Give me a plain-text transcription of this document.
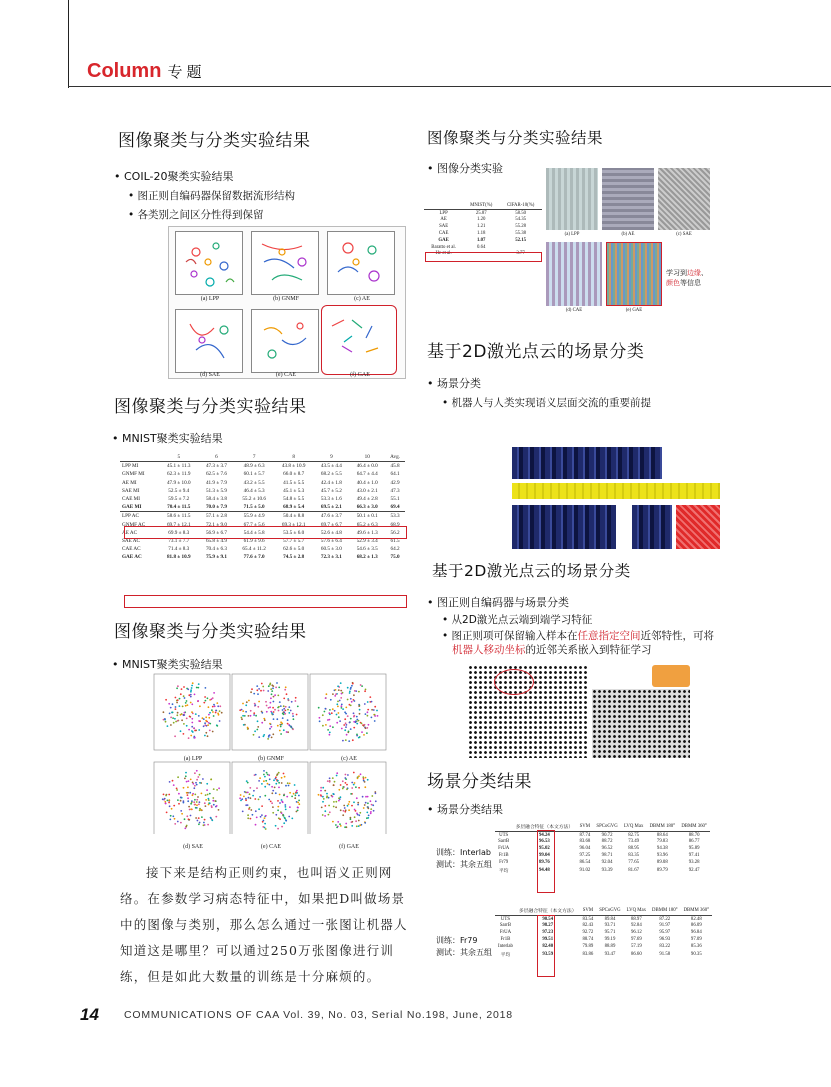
Column 专题
图像聚类与分类实验结果
• COIL-20聚类实验结果
• 图正则自编码器保留数据流形结构
• 各类别之间区分性得到保留
(a) LPP	(b) GNMF	(c) AE
(d) SAE	(e) CAE	(f) GAE
图像聚类与分类实验结果
• MNIST聚类实验结果
	5	6	7	8	9	10	Avg.
LPP MI	45.1 ± 11.3	47.3 ± 3.7	48.9 ± 6.3	43.8 ± 10.9	43.5 ± 4.4	46.4 ± 0.0	45.8
GNMF MI	62.3 ± 11.9	62.5 ± 7.6	60.1 ± 5.7	66.0 ± 8.7	68.2 ± 5.5	64.7 ± 4.4	64.1
AE MI	47.9 ± 10.0	41.9 ± 7.9	43.2 ± 5.5	41.5 ± 5.5	42.4 ± 1.8	40.4 ± 1.0	42.9
SAE MI	52.5 ± 9.4	51.3 ± 5.9	46.4 ± 5.3	45.1 ± 5.3	45.7 ± 5.2	43.0 ± 2.1	47.3
CAE MI	59.5 ± 7.2	58.4 ± 3.8	55.2 ± 10.6	54.8 ± 5.5	53.3 ± 1.6	49.4 ± 2.8	55.1
GAE MI	70.4 ± 11.5	70.0 ± 7.9	71.5 ± 5.0	68.9 ± 5.4	69.5 ± 2.1	66.3 ± 3.0	69.4
LPP AC	58.6 ± 11.5	57.1 ± 2.8	55.9 ± 4.9	50.4 ± 8.8	47.6 ± 3.7	50.1 ± 0.1	53.3
GNMF AC	69.7 ± 12.1	72.1 ± 9.0	67.7 ± 5.6	69.3 ± 12.1	69.7 ± 6.7	65.2 ± 6.3	68.9
AE AC	69.9 ± 8.3	56.9 ± 6.7	54.4 ± 5.8	53.5 ± 6.0	52.6 ± 4.8	49.6 ± 1.3	56.2
SAE AC	73.1 ± 7.7	65.8 ± 4.9	61.9 ± 9.6	57.7 ± 5.7	57.6 ± 6.4	52.9 ± 3.4	61.5
CAE AC	71.4 ± 8.3	70.4 ± 6.3	65.4 ± 11.2	62.6 ± 5.0	60.5 ± 3.0	54.6 ± 3.5	64.2
GAE AC	81.8 ± 10.9	75.9 ± 9.1	77.6 ± 7.0	74.5 ± 2.8	72.3 ± 3.1	68.2 ± 1.3	75.0
图像聚类与分类实验结果
• MNIST聚类实验结果
(a) LPP	(b) GNMF	(c) AE
(d) SAE	(e) CAE	(f) GAE
接下来是结构正则约束，也叫语义正则网络。在参数学习病态特征中，如果把D叫做场景中的图像与类别，那么怎么通过一张图让机器人知道这是哪里？可以通过250万张图像进行训练，但是如此大数量的训练是十分麻烦的。
图像聚类与分类实验结果
• 图像分类实验
	MNIST(%)	CIFAR-10(%)
LPP	25.87	58.50
AE	1.20	54.35
SAE	1.21	55.28
CAE	1.18	55.38
GAE	1.07	52.15
Baratto et al.	0.64	
He et al.		3.77
(a) LPP	(b) AE	(c) SAE
(d) CAE	(e) GAE
学习到边缘、
颜色等信息
基于2D激光点云的场景分类
• 场景分类
• 机器人与人类实现语义层面交流的重要前提
基于2D激光点云的场景分类
• 图正则自编码器与场景分类
• 从2D激光点云端到端学习特征
• 图正则项可保留输入样本在任意指定空间近邻特性，可将
机器人移动坐标的近邻关系嵌入到特征学习
场景分类结果
• 场景分类结果
训练：Interlab
测试：其余五组
	多层融合特征（本文方法）	SVM	SPCoGVG	LVQ Max	DBMM 180°	DBMM 360°
UTS	94.24	87.74	90.72	82.75	88.64	88.70
SarrB	96.53	83.68	88.72	73.49	79.83	86.77
FrUA	95.02	96.04	96.52	88.95	94.38	95.89
Fr1B	99.04	97.25	98.71	83.35	93.96	97.41
Fr79	89.76	86.54	92.04	77.65	89.08	93.28
平均	94.48	91.02	93.39	81.67	89.79	92.47
训练：Fr79
测试：其余五组
	多层融合特征（本文方法）	SVM	SPCoGVG	LVQ Max	DBMM 180°	DBMM 360°
UTS	90.54	83.54	89.84	88.97	87.22	82.48
SarrB	98.27	82.43	93.71	92.84	91.97	86.09
FrUA	97.23	92.72	95.71	96.12	95.97	96.84
Fr1B	99.51	88.74	99.19	97.69	96.93	97.09
Interlab	82.40	79.89	88.89	57.19	83.22	85.36
平均	93.59	83.86	93.47	86.60	91.58	90.35
14 COMMUNICATIONS OF CAA Vol. 39, No. 03, Serial No.198, June, 2018
